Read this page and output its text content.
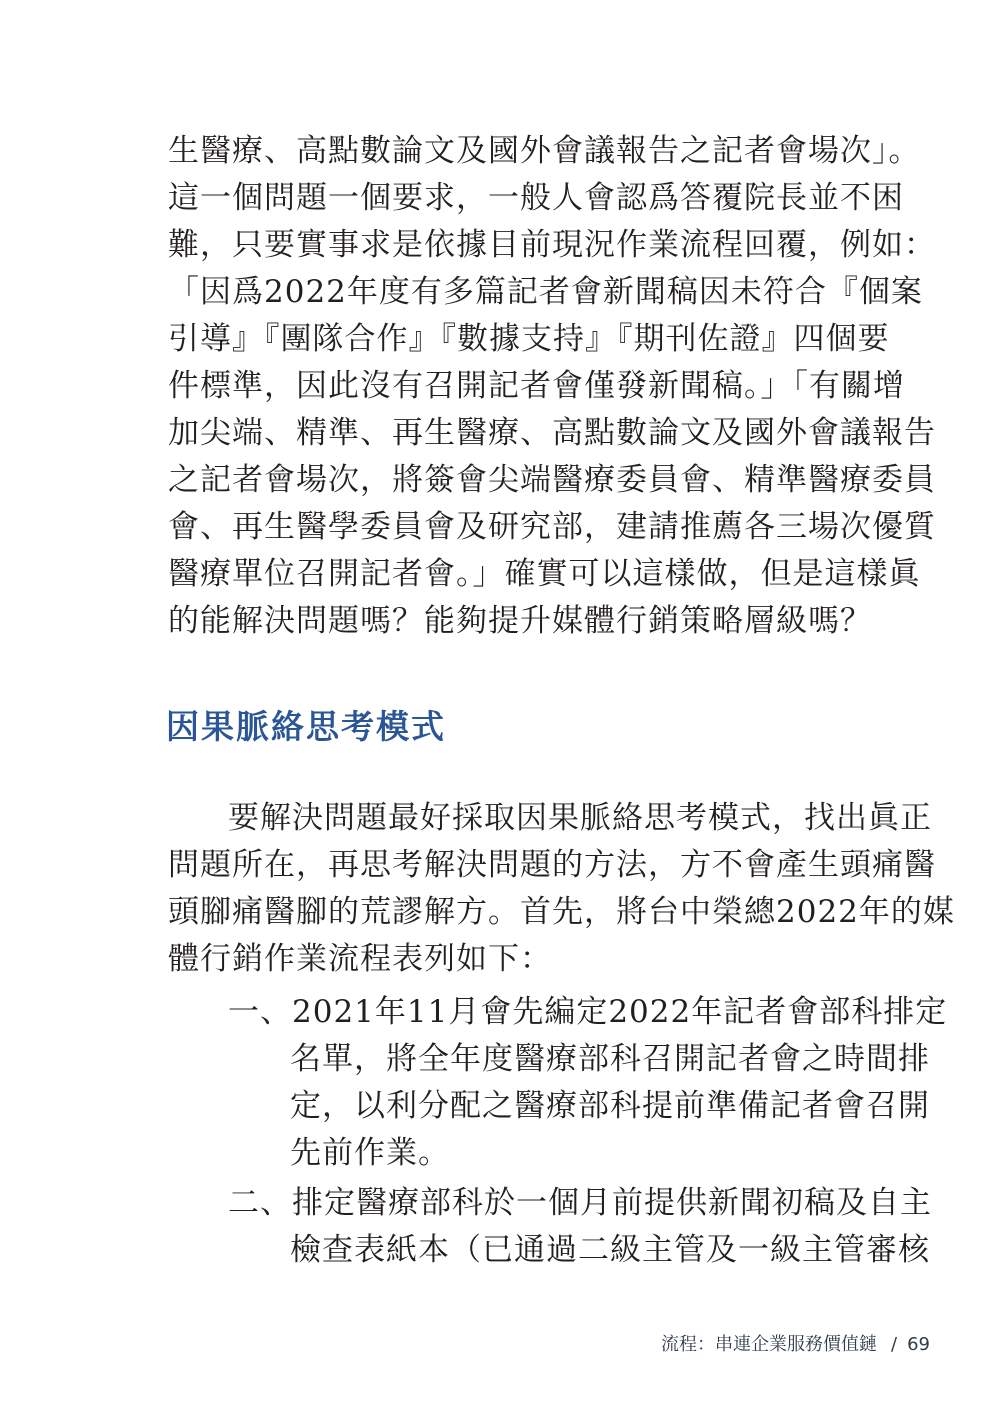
生醫療、高點數論文及國外會議報告之記者會場次」。
這一個問題一個要求，一般人會認爲答覆院長並不困
難，只要實事求是依據目前現況作業流程回覆，例如：
「因爲2022年度有多篇記者會新聞稿因未符合『個案
引導』『團隊合作』『數據支持』『期刊佐證』四個要
件標準，因此沒有召開記者會僅發新聞稿。」「有關增
加尖端、精準、再生醫療、高點數論文及國外會議報告
之記者會場次，將簽會尖端醫療委員會、精準醫療委員
會、再生醫學委員會及研究部，建請推薦各三場次優質
醫療單位召開記者會。」確實可以這樣做，但是這樣眞
的能解決問題嗎？能夠提升媒體行銷策略層級嗎？
因果脈絡思考模式
要解決問題最好採取因果脈絡思考模式，找出眞正
問題所在，再思考解決問題的方法，方不會產生頭痛醫
頭腳痛醫腳的荒謬解方。首先，將台中榮總2022年的媒
體行銷作業流程表列如下：
一、2021年11月會先編定2022年記者會部科排定
名單，將全年度醫療部科召開記者會之時間排
定，以利分配之醫療部科提前準備記者會召開
先前作業。
二、排定醫療部科於一個月前提供新聞初稿及自主
檢查表紙本（已通過二級主管及一級主管審核
流程：串連企業服務價值鏈 / 69
